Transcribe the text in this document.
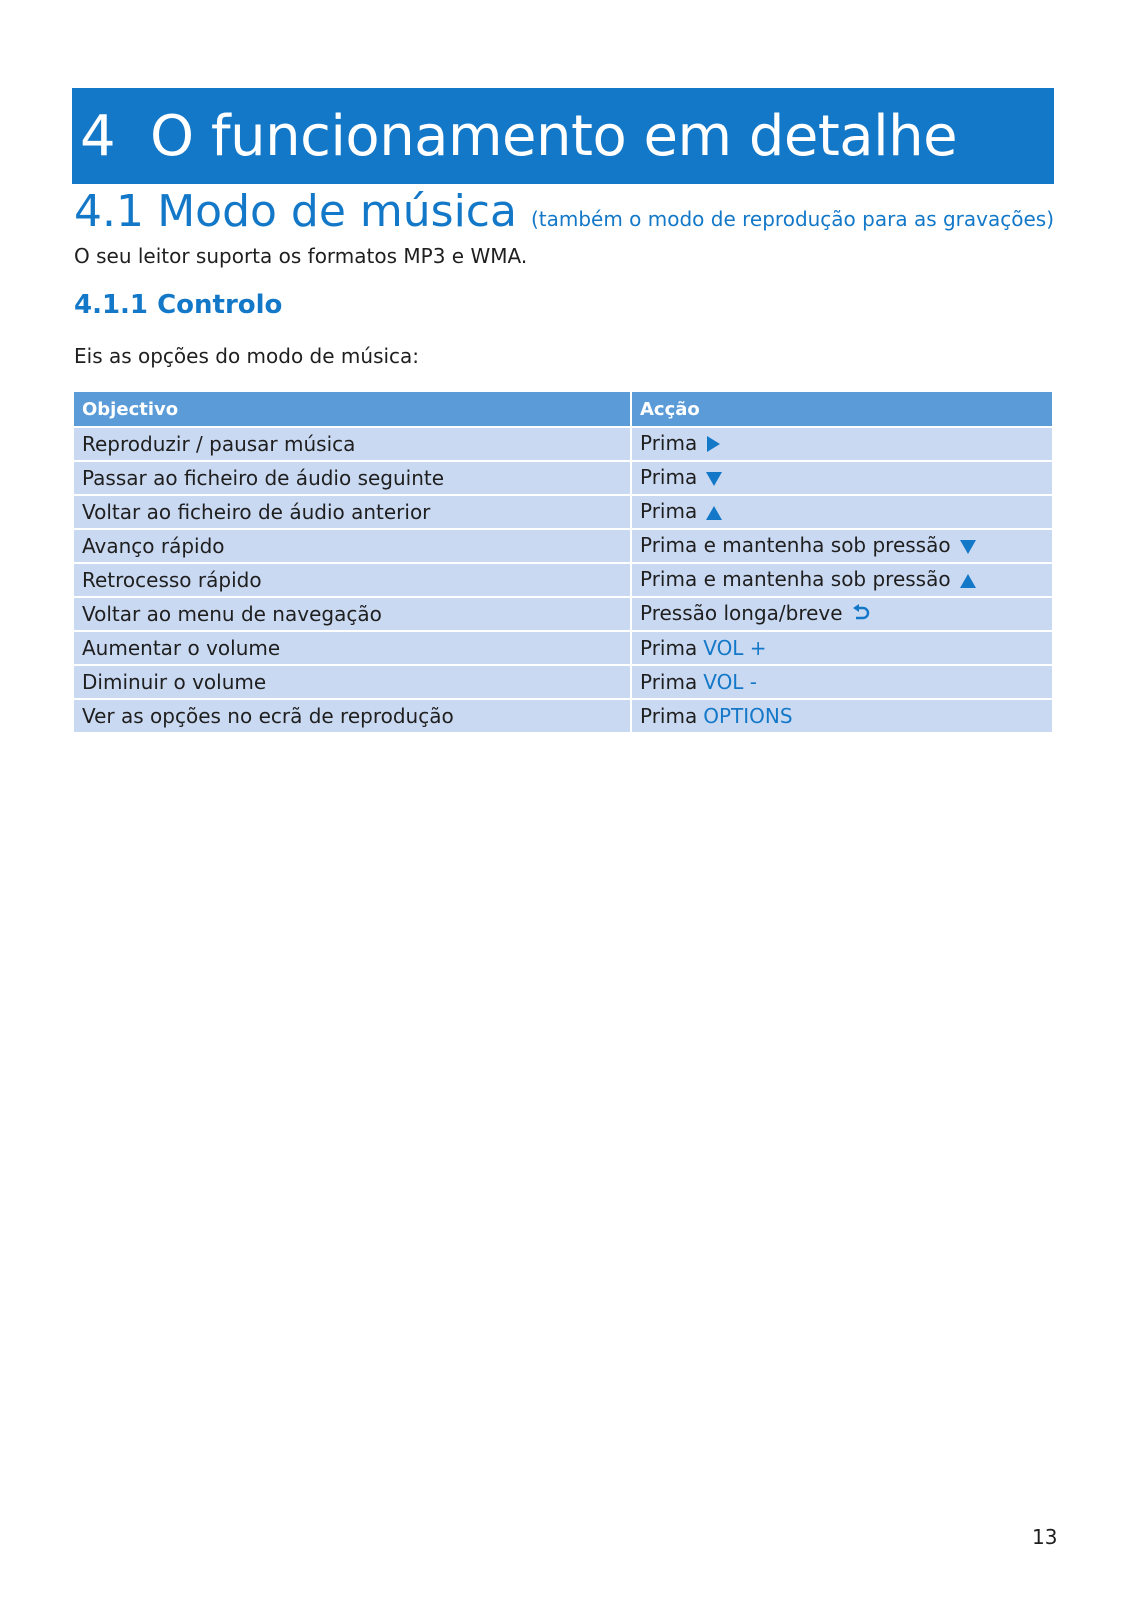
4 O funcionamento em detalhe
4.1 Modo de música (também o modo de reprodução para as gravações)
O seu leitor suporta os formatos MP3 e WMA.
4.1.1 Controlo
Eis as opções do modo de música:
Objectivo	Acção
Reproduzir / pausar música	Prima
Passar ao ficheiro de áudio seguinte	Prima
Voltar ao ficheiro de áudio anterior	Prima
Avanço rápido	Prima e mantenha sob pressão
Retrocesso rápido	Prima e mantenha sob pressão
Voltar ao menu de navegação	Pressão longa/breve
Aumentar o volume	Prima VOL +
Diminuir o volume	Prima VOL -
Ver as opções no ecrã de reprodução	Prima OPTIONS
13
